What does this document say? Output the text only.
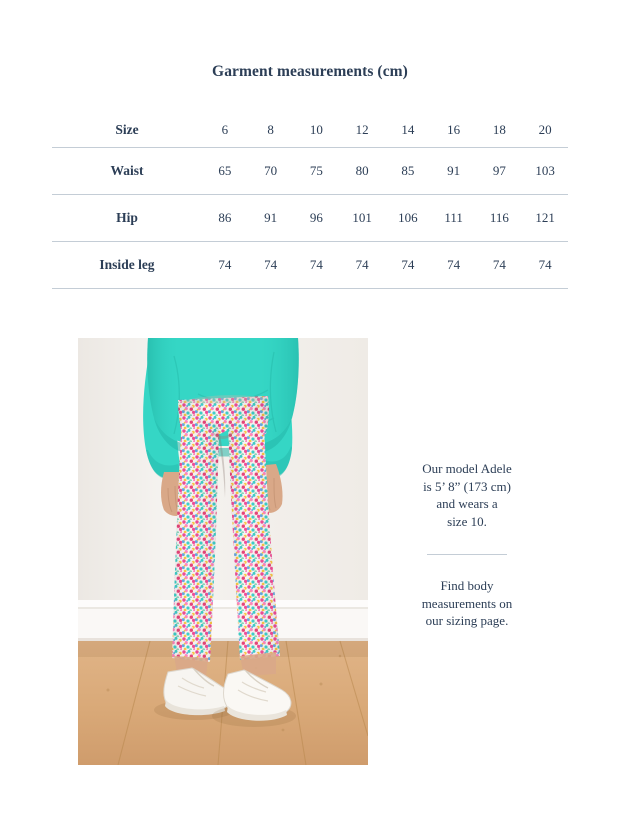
Garment measurements (cm)
Size	6	8	10	12	14	16	18	20
Waist	65	70	75	80	85	91	97	103
Hip	86	91	96	101	106	111	116	121
Inside leg	74	74	74	74	74	74	74	74
Our model Adele
is 5’ 8” (173 cm)
and wears a
size 10.
Find body
measurements on
our sizing page.
